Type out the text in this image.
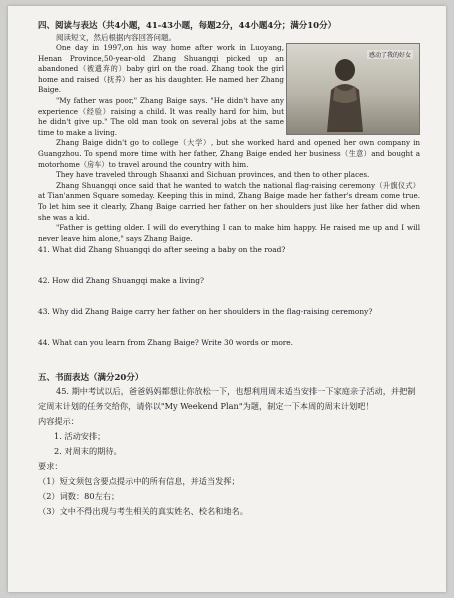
四、阅读与表达（共4小题，41-43小题，每题2分，44小题4分；满分10分）

阅读短文，然后根据内容回答问题。

感动了我的好女

One day in 1997,on his way home after work in Luoyang, Henan Province,50-year-old Zhang Shuangqi picked up an abandoned（被遗弃的）baby girl on the road. Zhang took the girl home and raised（抚养）her as his daughter. He named her Zhang Baige.

"My father was poor," Zhang Baige says. "He didn't have any experience（经验）raising a child. It was really hard for him, but he didn't give up." The old man took on several jobs at the same time to make a living.

Zhang Baige didn't go to college（大学）, but she worked hard and opened her own company in Guangzhou. To spend more time with her father, Zhang Baige ended her business（生意）and bought a motorhome（房车）to travel around the country with him.

They have traveled through Shaanxi and Sichuan provinces, and then to other places.

Zhang Shuangqi once said that he wanted to watch the national flag-raising ceremony（升旗仪式）at Tian'anmen Square someday. Keeping this in mind, Zhang Baige made her father's dream come true. To let him see it clearly, Zhang Baige carried her father on her shoulders just like her father did when she was a kid.

"Father is getting older. I will do everything I can to make him happy. He raised me up and I will never leave him alone," says Zhang Baige.

41. What did Zhang Shuangqi do after seeing a baby on the road?

42. How did Zhang Shuangqi make a living?

43. Why did Zhang Baige carry her father on her shoulders in the flag-raising ceremony?

44. What can you learn from Zhang Baige? Write 30 words or more.

五、书面表达（满分20分）

45. 期中考试以后，爸爸妈妈都想让你放松一下，也想利用周末适当安排一下家庭亲子活动，并把制定周末计划的任务交给你，请你以"My Weekend Plan"为题，制定一下本周的周末计划吧！

内容提示：

1. 活动安排；

2. 对周末的期待。

要求：

（1）短文须包含要点提示中的所有信息，并适当发挥；

（2）词数：80左右；

（3）文中不得出现与考生相关的真实姓名、校名和地名。
